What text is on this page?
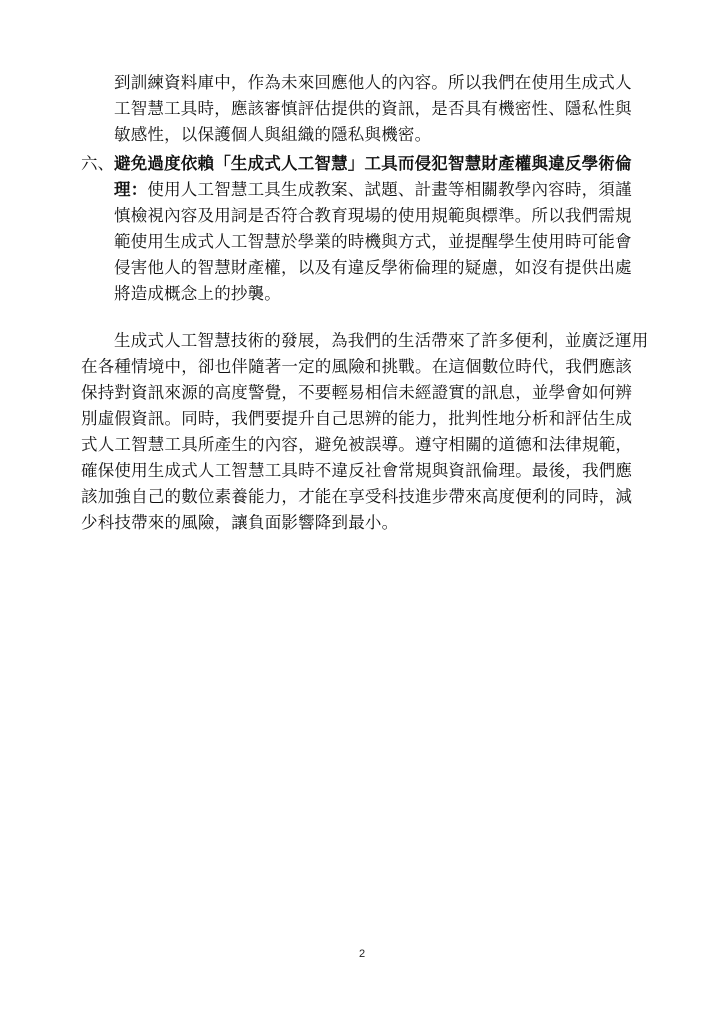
到訓練資料庫中，作為未來回應他人的內容。所以我們在使用生成式人
工智慧工具時，應該審慎評估提供的資訊，是否具有機密性、隱私性與
敏感性，以保護個人與組織的隱私與機密。
六、 避免過度依賴「生成式人工智慧」工具而侵犯智慧財產權與違反學術倫
理：使用人工智慧工具生成教案、試題、計畫等相關教學內容時，須謹
慎檢視內容及用詞是否符合教育現場的使用規範與標準。所以我們需規
範使用生成式人工智慧於學業的時機與方式，並提醒學生使用時可能會
侵害他人的智慧財產權，以及有違反學術倫理的疑慮，如沒有提供出處
將造成概念上的抄襲。
生成式人工智慧技術的發展，為我們的生活帶來了許多便利，並廣泛運用
在各種情境中，卻也伴隨著一定的風險和挑戰。在這個數位時代，我們應該
保持對資訊來源的高度警覺，不要輕易相信未經證實的訊息，並學會如何辨
別虛假資訊。同時，我們要提升自己思辨的能力，批判性地分析和評估生成
式人工智慧工具所產生的內容，避免被誤導。遵守相關的道德和法律規範，
確保使用生成式人工智慧工具時不違反社會常規與資訊倫理。最後，我們應
該加強自己的數位素養能力，才能在享受科技進步帶來高度便利的同時，減
少科技帶來的風險，讓負面影響降到最小。
2
